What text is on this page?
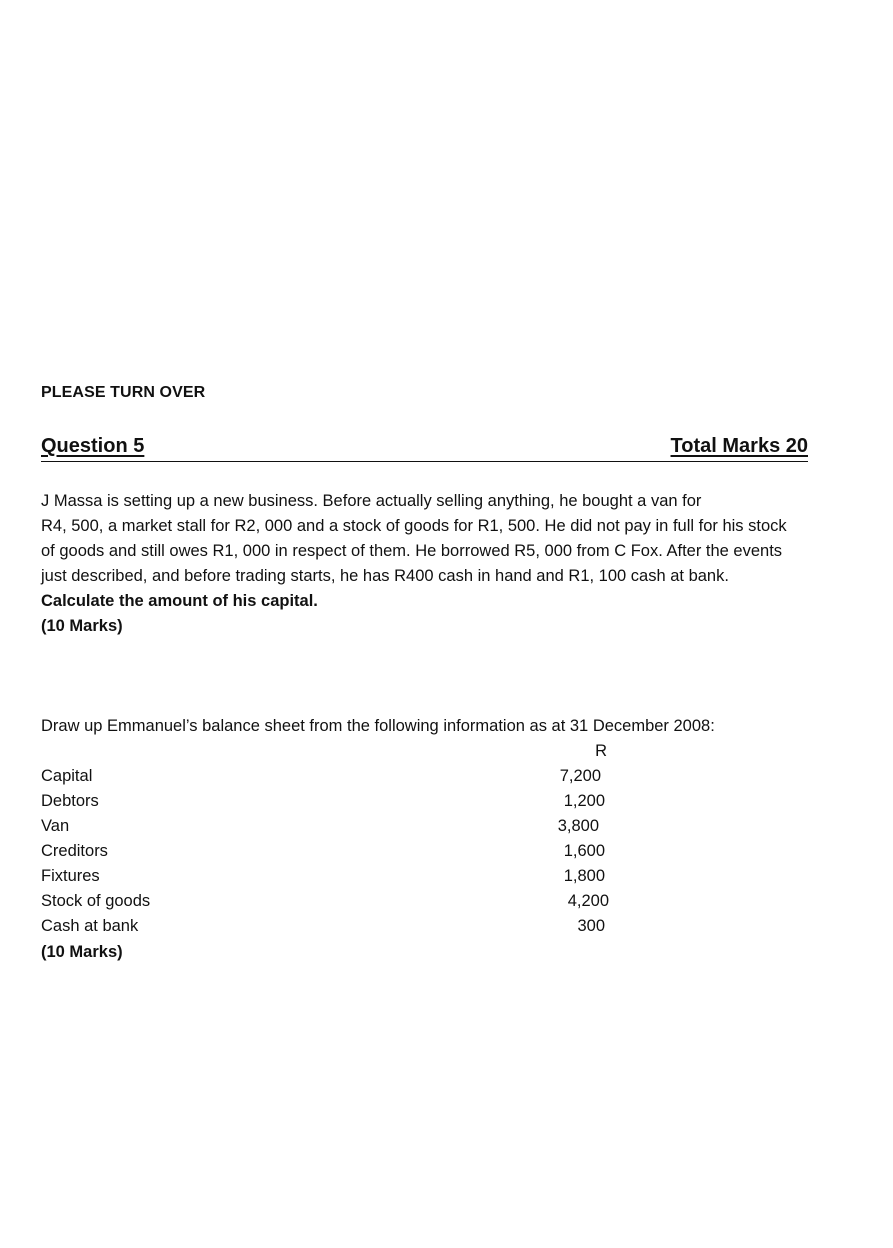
PLEASE TURN OVER
Question 5	Total Marks 20
J Massa is setting up a new business. Before actually selling anything, he bought a van for
R4, 500, a market stall for R2, 000 and a stock of goods for R1, 500. He did not pay in full for his stock
of goods and still owes R1, 000 in respect of them. He borrowed R5, 000 from C Fox. After the events
just described, and before trading starts, he has R400 cash in hand and R1, 100 cash at bank.
Calculate the amount of his capital.
(10 Marks)
Draw up Emmanuel’s balance sheet from the following information as at 31 December 2008:
R
Capital	7,200
Debtors	1,200
Van	3,800
Creditors	1,600
Fixtures	1,800
Stock of goods	4,200
Cash at bank	300
(10 Marks)
